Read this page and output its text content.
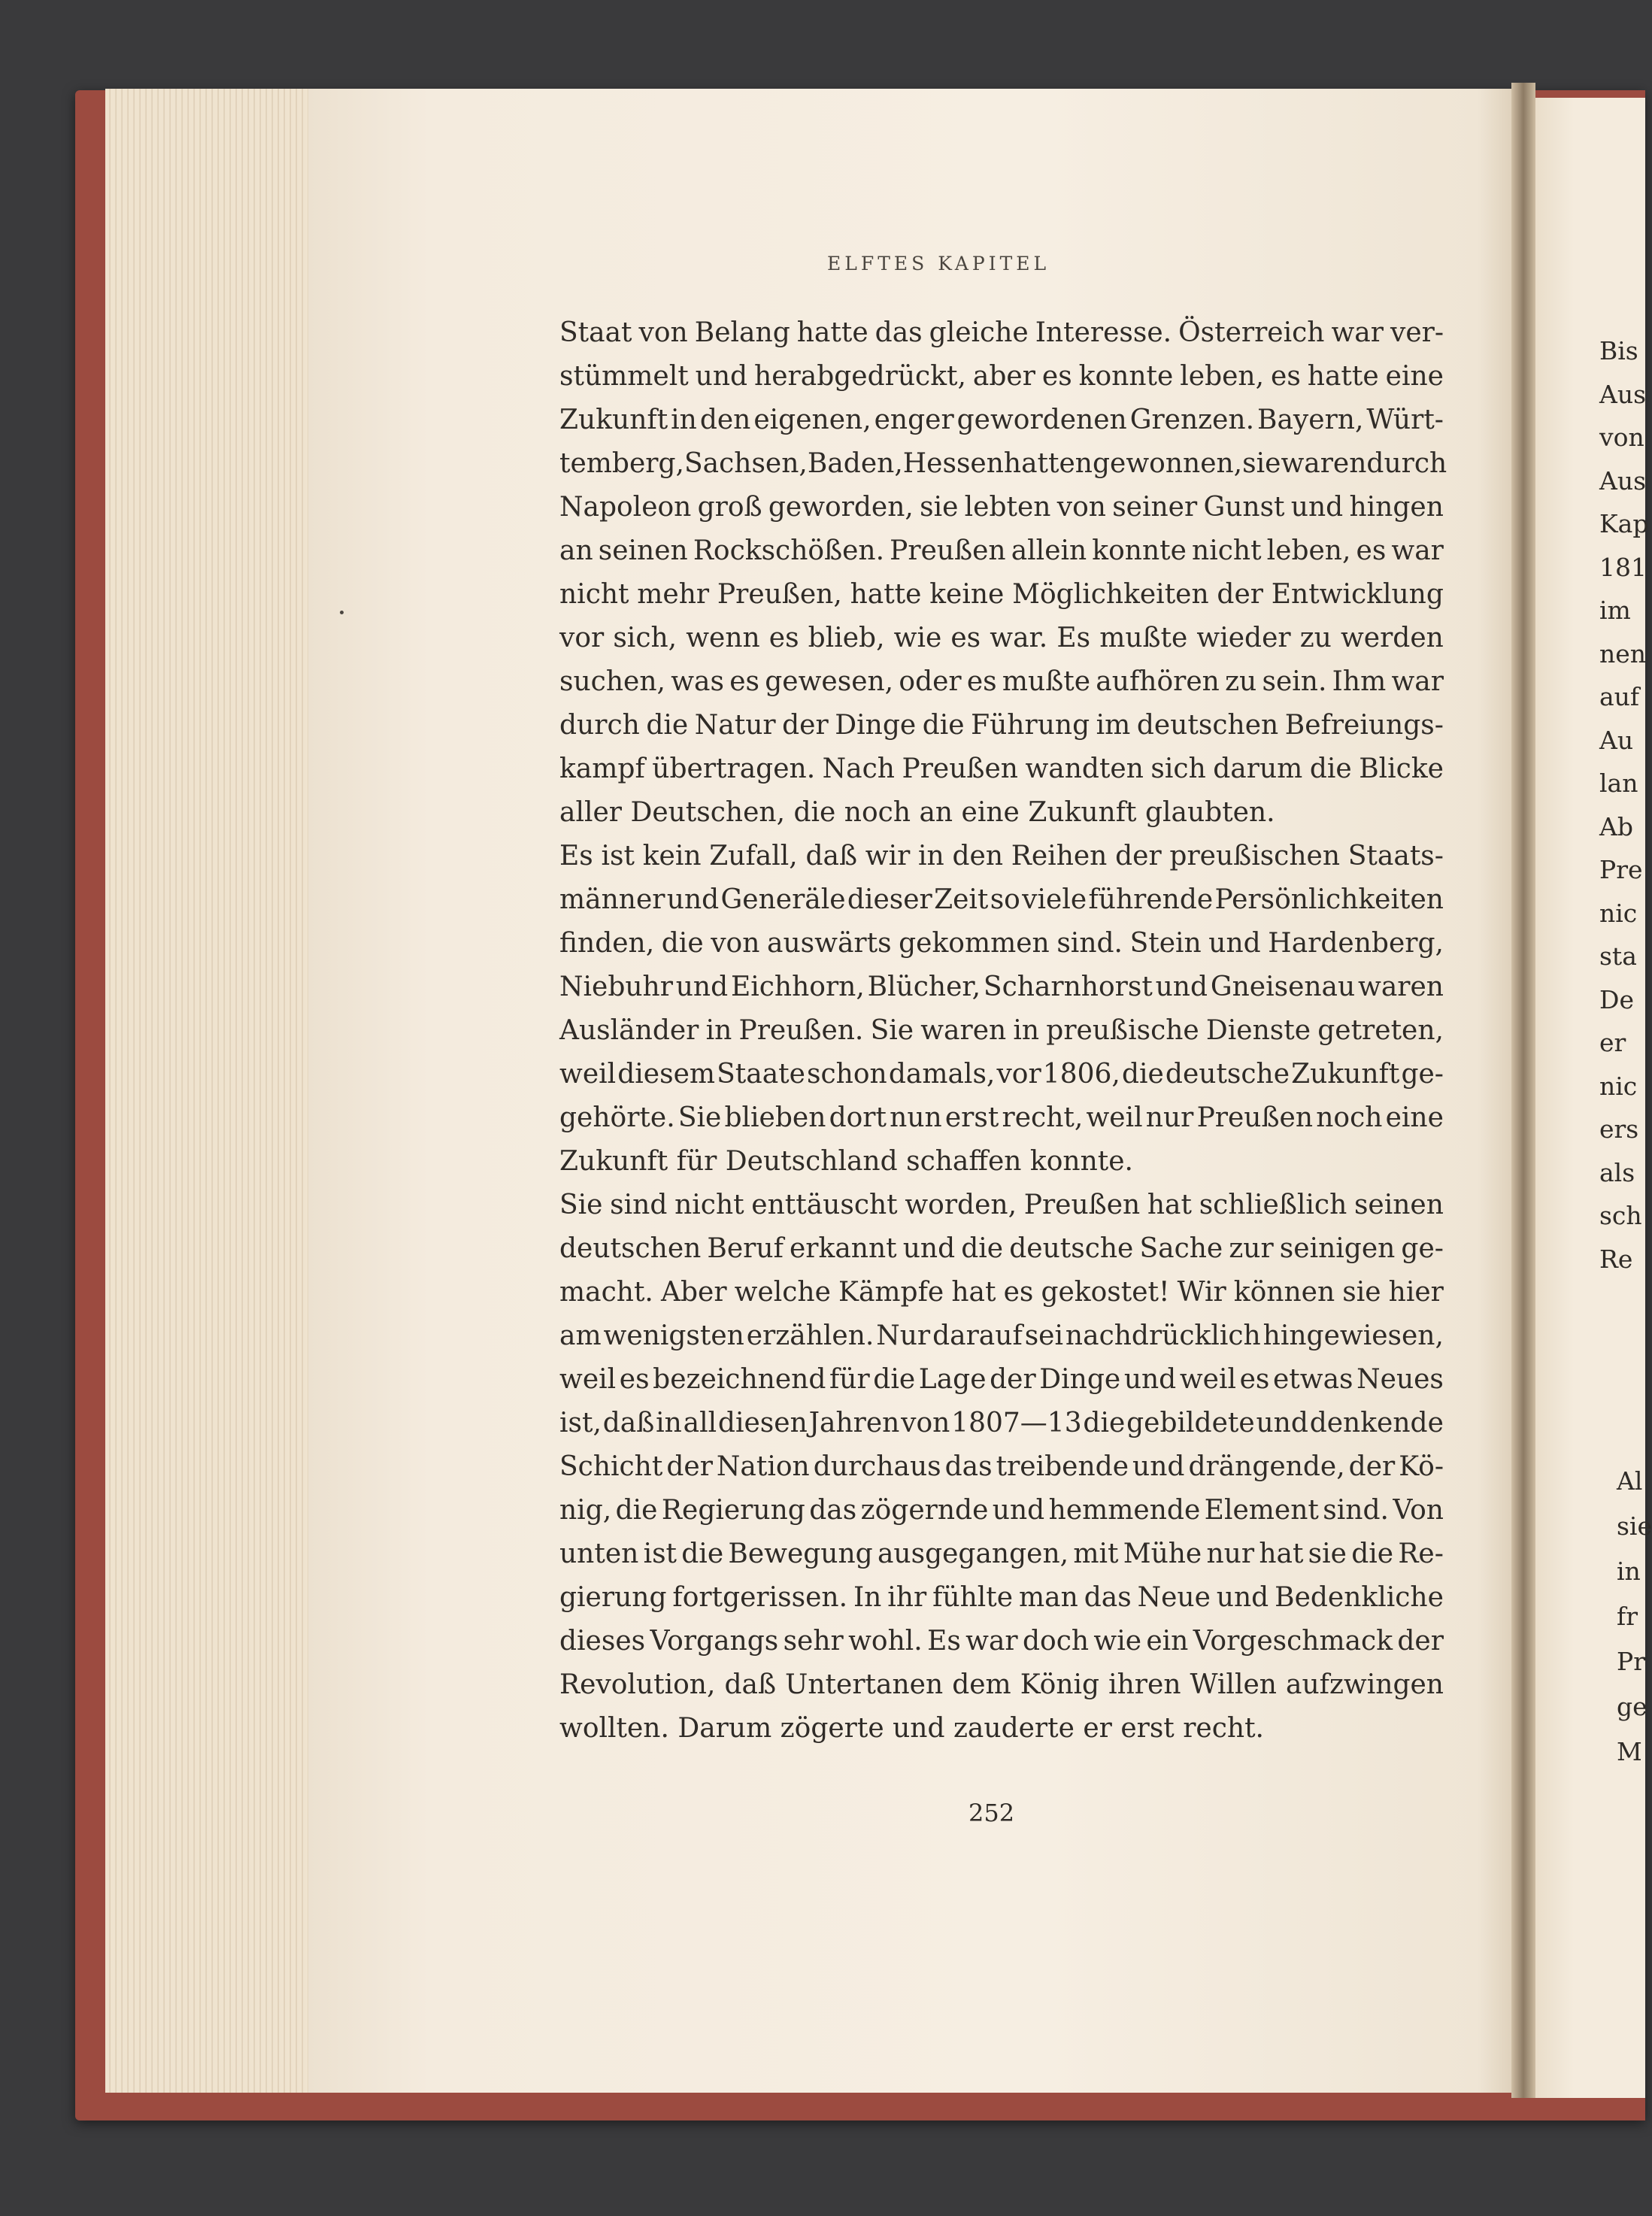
ELFTES KAPITEL
Staat von Belang hatte das gleiche Interesse. Österreich war ver-
stümmelt und herabgedrückt, aber es konnte leben, es hatte eine
Zukunft in den eigenen, enger gewordenen Grenzen. Bayern, Würt-
temberg, Sachsen, Baden, Hessen hatten gewonnen, sie waren durch
Napoleon groß geworden, sie lebten von seiner Gunst und hingen
an seinen Rockschößen. Preußen allein konnte nicht leben, es war
nicht mehr Preußen, hatte keine Möglichkeiten der Entwicklung
vor sich, wenn es blieb, wie es war. Es mußte wieder zu werden
suchen, was es gewesen, oder es mußte aufhören zu sein. Ihm war
durch die Natur der Dinge die Führung im deutschen Befreiungs-
kampf übertragen. Nach Preußen wandten sich darum die Blicke
aller Deutschen, die noch an eine Zukunft glaubten.
Es ist kein Zufall, daß wir in den Reihen der preußischen Staats-
männer und Generäle dieser Zeit so viele führende Persönlichkeiten
finden, die von auswärts gekommen sind. Stein und Hardenberg,
Niebuhr und Eichhorn, Blücher, Scharnhorst und Gneisenau waren
Ausländer in Preußen. Sie waren in preußische Dienste getreten,
weil diesem Staate schon damals, vor 1806, die deutsche Zukunft ge-
gehörte. Sie blieben dort nun erst recht, weil nur Preußen noch eine
Zukunft für Deutschland schaffen konnte.
Sie sind nicht enttäuscht worden, Preußen hat schließlich seinen
deutschen Beruf erkannt und die deutsche Sache zur seinigen ge-
macht. Aber welche Kämpfe hat es gekostet! Wir können sie hier
am wenigsten erzählen. Nur darauf sei nachdrücklich hingewiesen,
weil es bezeichnend für die Lage der Dinge und weil es etwas Neues
ist, daß in all diesen Jahren von 1807—13 die gebildete und denkende
Schicht der Nation durchaus das treibende und drängende, der Kö-
nig, die Regierung das zögernde und hemmende Element sind. Von
unten ist die Bewegung ausgegangen, mit Mühe nur hat sie die Re-
gierung fortgerissen. In ihr fühlte man das Neue und Bedenkliche
dieses Vorgangs sehr wohl. Es war doch wie ein Vorgeschmack der
Revolution, daß Untertanen dem König ihren Willen aufzwingen
wollten. Darum zögerte und zauderte er erst recht.
252
Bis
Aus
von
Aus
Kap
181
im
nen
auf
Au
lan
Ab
Pre
nic
sta
De
er
nic
ers
als
sch
Re
Al
sie
in
fr
Pr
ge
M
